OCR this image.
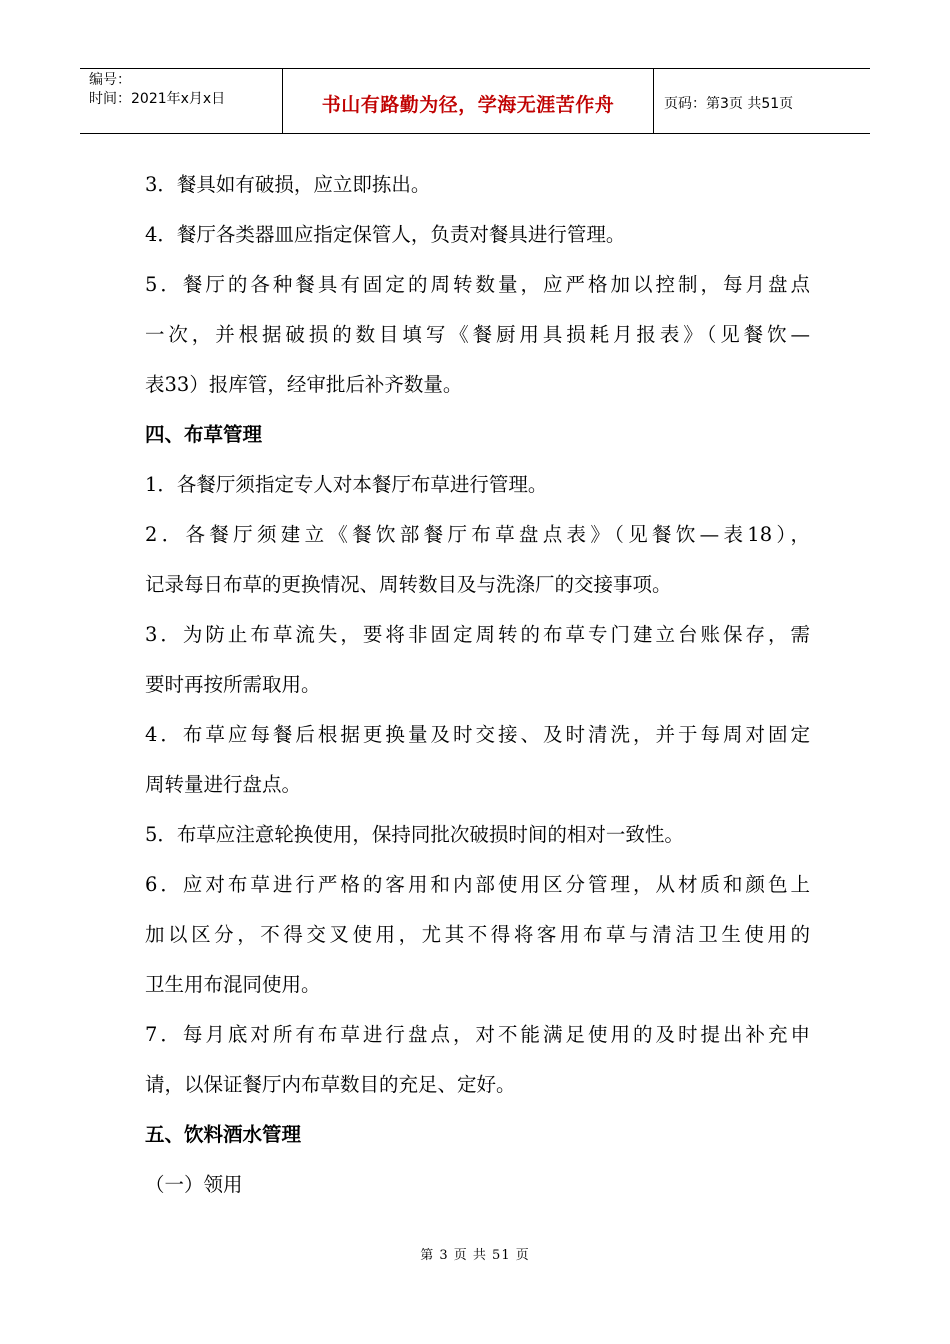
编号：
时间：2021年x月x日	书山有路勤为径，学海无涯苦作舟	页码：第3页 共51页
3．餐具如有破损，应立即拣出。
4．餐厅各类器皿应指定保管人，负责对餐具进行管理。
5．餐厅的各种餐具有固定的周转数量，应严格加以控制，每月盘点
一次，并根据破损的数目填写《餐厨用具损耗月报表》（见餐饮—
表33）报库管，经审批后补齐数量。
四、布草管理
1．各餐厅须指定专人对本餐厅布草进行管理。
2．各餐厅须建立《餐饮部餐厅布草盘点表》（见餐饮—表18），
记录每日布草的更换情况、周转数目及与洗涤厂的交接事项。
3．为防止布草流失，要将非固定周转的布草专门建立台账保存，需
要时再按所需取用。
4．布草应每餐后根据更换量及时交接、及时清洗，并于每周对固定
周转量进行盘点。
5．布草应注意轮换使用，保持同批次破损时间的相对一致性。
6．应对布草进行严格的客用和内部使用区分管理，从材质和颜色上
加以区分，不得交叉使用，尤其不得将客用布草与清洁卫生使用的
卫生用布混同使用。
7．每月底对所有布草进行盘点，对不能满足使用的及时提出补充申
请，以保证餐厅内布草数目的充足、定好。
五、饮料酒水管理
（一）领用
第 3 页 共 51 页
